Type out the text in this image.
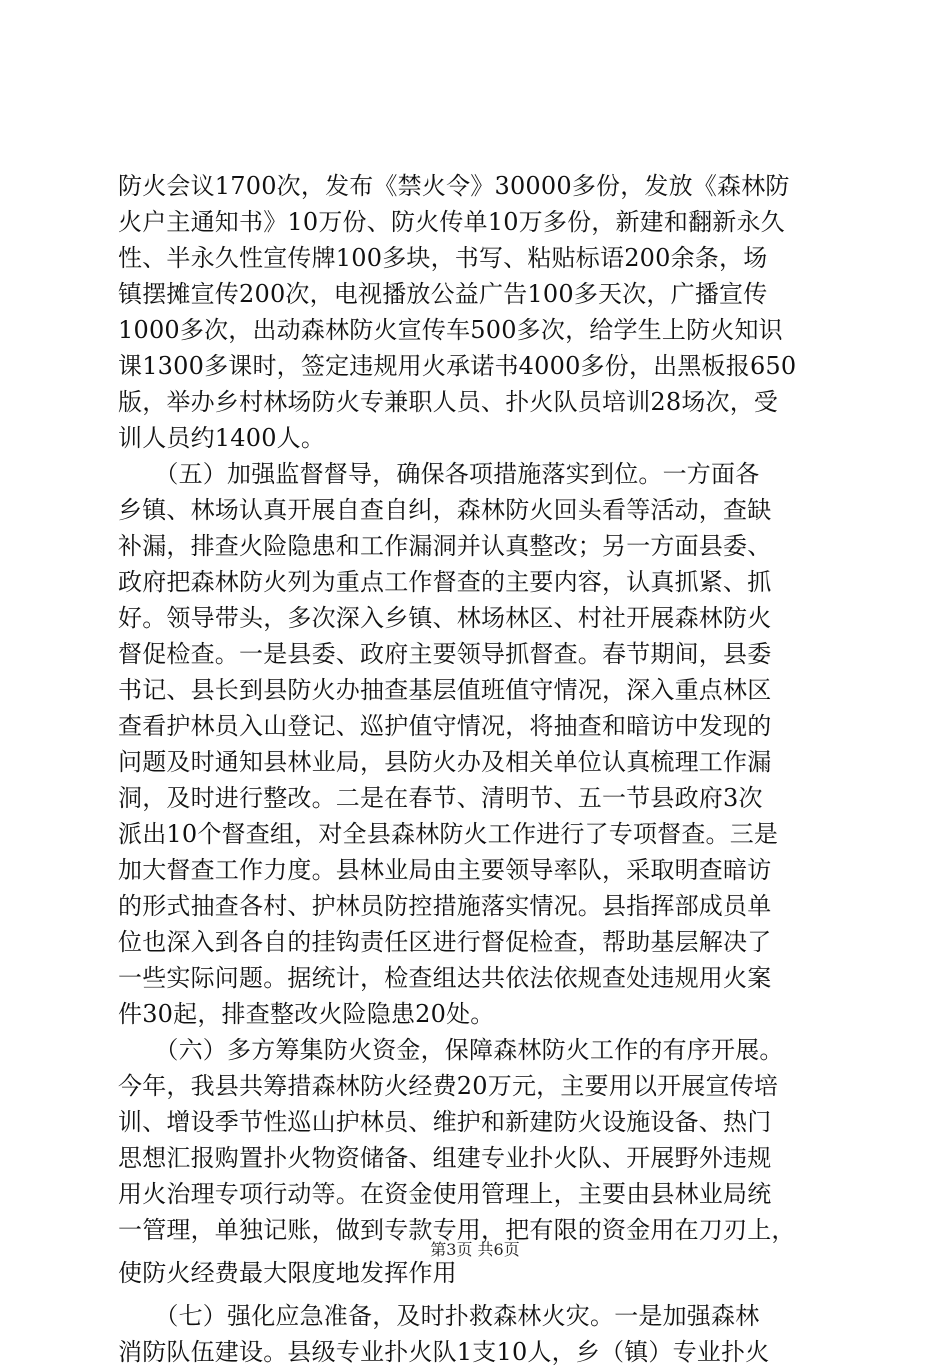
防火会议1700次，发布《禁火令》30000多份，发放《森林防
火户主通知书》10万份、防火传单10万多份，新建和翻新永久
性、半永久性宣传牌100多块，书写、粘贴标语200余条，场
镇摆摊宣传200次，电视播放公益广告100多天次，广播宣传
1000多次，出动森林防火宣传车500多次，给学生上防火知识
课1300多课时，签定违规用火承诺书4000多份，出黑板报650
版，举办乡村林场防火专兼职人员、扑火队员培训28场次，受
训人员约1400人。
　　（五）加强监督督导，确保各项措施落实到位。一方面各
乡镇、林场认真开展自查自纠，森林防火回头看等活动，查缺
补漏，排查火险隐患和工作漏洞并认真整改；另一方面县委、
政府把森林防火列为重点工作督查的主要内容，认真抓紧、抓
好。领导带头，多次深入乡镇、林场林区、村社开展森林防火
督促检查。一是县委、政府主要领导抓督查。春节期间，县委
书记、县长到县防火办抽查基层值班值守情况，深入重点林区
查看护林员入山登记、巡护值守情况，将抽查和暗访中发现的
问题及时通知县林业局，县防火办及相关单位认真梳理工作漏
洞，及时进行整改。二是在春节、清明节、五一节县政府3次
派出10个督查组，对全县森林防火工作进行了专项督查。三是
加大督查工作力度。县林业局由主要领导率队，采取明查暗访
的形式抽查各村、护林员防控措施落实情况。县指挥部成员单
位也深入到各自的挂钩责任区进行督促检查，帮助基层解决了
一些实际问题。据统计，检查组达共依法依规查处违规用火案
件30起，排查整改火险隐患20处。
　　（六）多方筹集防火资金，保障森林防火工作的有序开展。
今年，我县共筹措森林防火经费20万元，主要用以开展宣传培
训、增设季节性巡山护林员、维护和新建防火设施设备、热门
思想汇报购置扑火物资储备、组建专业扑火队、开展野外违规
用火治理专项行动等。在资金使用管理上，主要由县林业局统
一管理，单独记账，做到专款专用，把有限的资金用在刀刃上，
使防火经费最大限度地发挥作用
　　（七）强化应急准备，及时扑救森林火灾。一是加强森林
消防队伍建设。县级专业扑火队1支10人，乡（镇）专业扑火
第3页 共6页
